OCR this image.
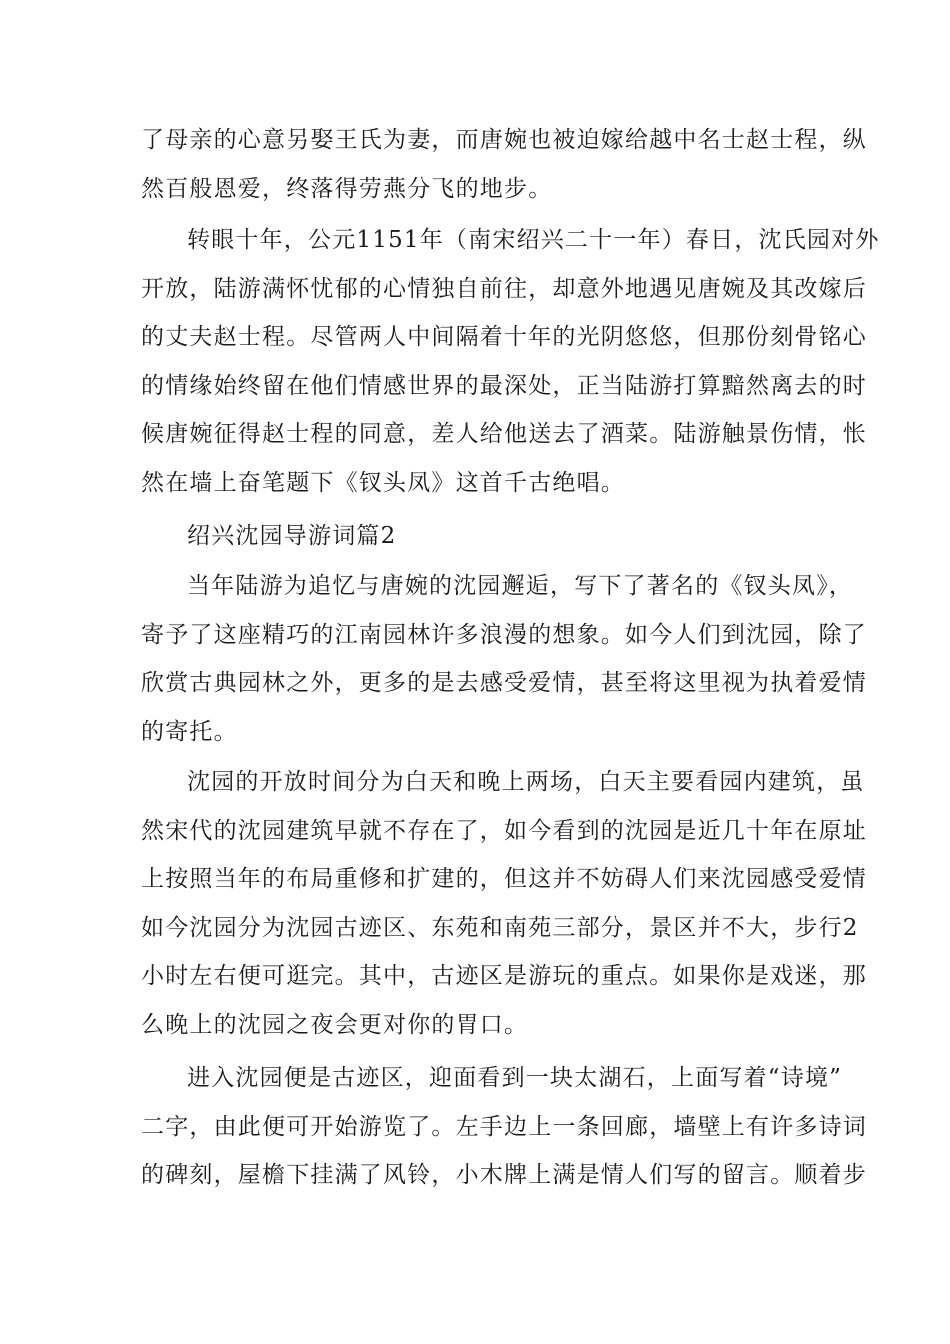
了母亲的心意另娶王氏为妻，而唐婉也被迫嫁给越中名士赵士程，纵
然百般恩爱，终落得劳燕分飞的地步。
转眼十年，公元1151年（南宋绍兴二十一年）春日，沈氏园对外
开放，陆游满怀忧郁的心情独自前往，却意外地遇见唐婉及其改嫁后
的丈夫赵士程。尽管两人中间隔着十年的光阴悠悠，但那份刻骨铭心
的情缘始终留在他们情感世界的最深处，正当陆游打算黯然离去的时
候唐婉征得赵士程的同意，差人给他送去了酒菜。陆游触景伤情，怅
然在墙上奋笔题下《钗头凤》这首千古绝唱。
绍兴沈园导游词篇2
当年陆游为追忆与唐婉的沈园邂逅，写下了著名的《钗头凤》，
寄予了这座精巧的江南园林许多浪漫的想象。如今人们到沈园，除了
欣赏古典园林之外，更多的是去感受爱情，甚至将这里视为执着爱情
的寄托。
沈园的开放时间分为白天和晚上两场，白天主要看园内建筑，虽
然宋代的沈园建筑早就不存在了，如今看到的沈园是近几十年在原址
上按照当年的布局重修和扩建的，但这并不妨碍人们来沈园感受爱情
如今沈园分为沈园古迹区、东苑和南苑三部分，景区并不大，步行2
小时左右便可逛完。其中，古迹区是游玩的重点。如果你是戏迷，那
么晚上的沈园之夜会更对你的胃口。
进入沈园便是古迹区，迎面看到一块太湖石，上面写着“诗境”
二字，由此便可开始游览了。左手边上一条回廊，墙壁上有许多诗词
的碑刻，屋檐下挂满了风铃，小木牌上满是情人们写的留言。顺着步
